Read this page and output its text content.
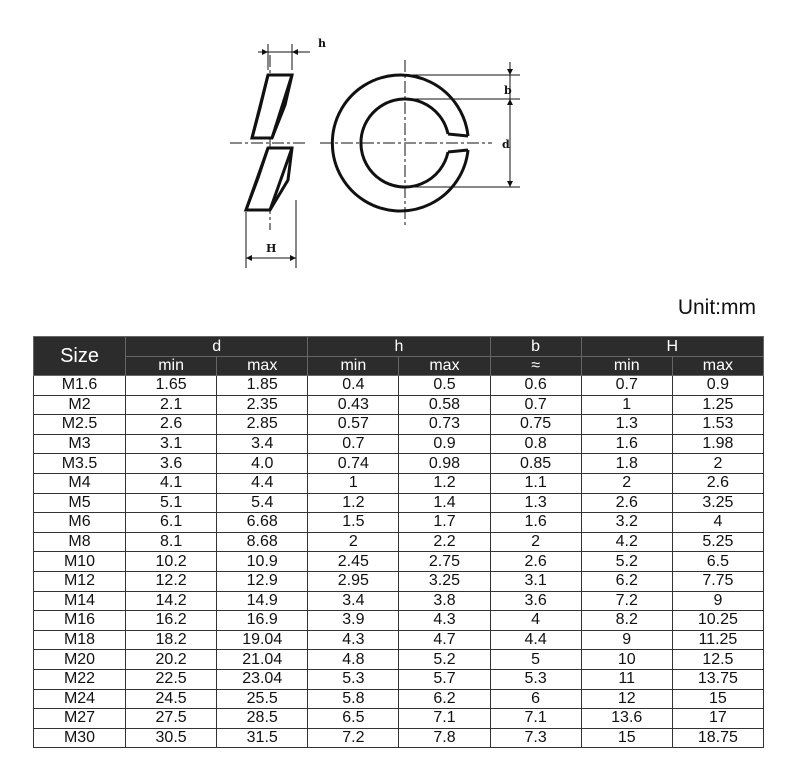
h
H
b
d
Unit:mm
Size	d		h		b	H	
	min	max	min	max	≈	min	max
M1.6	1.65	1.85	0.4	0.5	0.6	0.7	0.9
M2	2.1	2.35	0.43	0.58	0.7	1	1.25
M2.5	2.6	2.85	0.57	0.73	0.75	1.3	1.53
M3	3.1	3.4	0.7	0.9	0.8	1.6	1.98
M3.5	3.6	4.0	0.74	0.98	0.85	1.8	2
M4	4.1	4.4	1	1.2	1.1	2	2.6
M5	5.1	5.4	1.2	1.4	1.3	2.6	3.25
M6	6.1	6.68	1.5	1.7	1.6	3.2	4
M8	8.1	8.68	2	2.2	2	4.2	5.25
M10	10.2	10.9	2.45	2.75	2.6	5.2	6.5
M12	12.2	12.9	2.95	3.25	3.1	6.2	7.75
M14	14.2	14.9	3.4	3.8	3.6	7.2	9
M16	16.2	16.9	3.9	4.3	4	8.2	10.25
M18	18.2	19.04	4.3	4.7	4.4	9	11.25
M20	20.2	21.04	4.8	5.2	5	10	12.5
M22	22.5	23.04	5.3	5.7	5.3	11	13.75
M24	24.5	25.5	5.8	6.2	6	12	15
M27	27.5	28.5	6.5	7.1	7.1	13.6	17
M30	30.5	31.5	7.2	7.8	7.3	15	18.75
